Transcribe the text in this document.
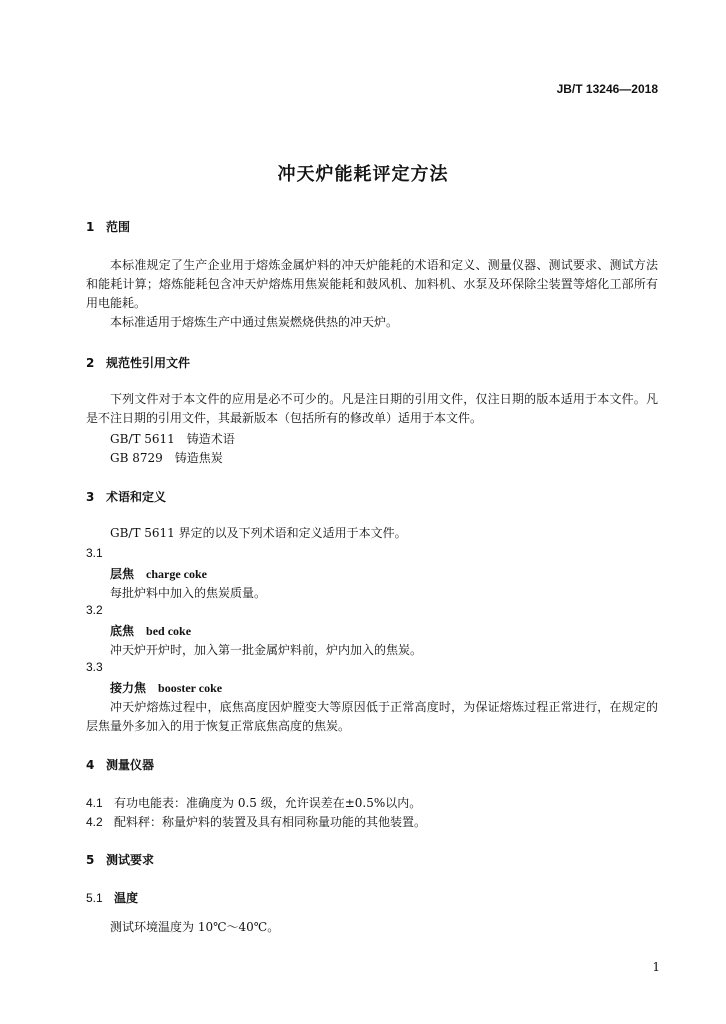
JB/T 13246—2018
冲天炉能耗评定方法
1 范围
本标准规定了生产企业用于熔炼金属炉料的冲天炉能耗的术语和定义、测量仪器、测试要求、测试方法和能耗计算；熔炼能耗包含冲天炉熔炼用焦炭能耗和鼓风机、加料机、水泵及环保除尘装置等熔化工部所有用电能耗。
本标准适用于熔炼生产中通过焦炭燃烧供热的冲天炉。
2 规范性引用文件
下列文件对于本文件的应用是必不可少的。凡是注日期的引用文件，仅注日期的版本适用于本文件。凡是不注日期的引用文件，其最新版本（包括所有的修改单）适用于本文件。
GB/T 5611　铸造术语
GB 8729　铸造焦炭
3 术语和定义
GB/T 5611 界定的以及下列术语和定义适用于本文件。
3.1
层焦 charge coke
每批炉料中加入的焦炭质量。
3.2
底焦 bed coke
冲天炉开炉时，加入第一批金属炉料前，炉内加入的焦炭。
3.3
接力焦 booster coke
冲天炉熔炼过程中，底焦高度因炉膛变大等原因低于正常高度时，为保证熔炼过程正常进行，在规定的层焦量外多加入的用于恢复正常底焦高度的焦炭。
4 测量仪器
4.1 有功电能表：准确度为 0.5 级，允许误差在±0.5%以内。
4.2 配料秤：称量炉料的装置及具有相同称量功能的其他装置。
5 测试要求
5.1 温度
测试环境温度为 10℃～40℃。
1
